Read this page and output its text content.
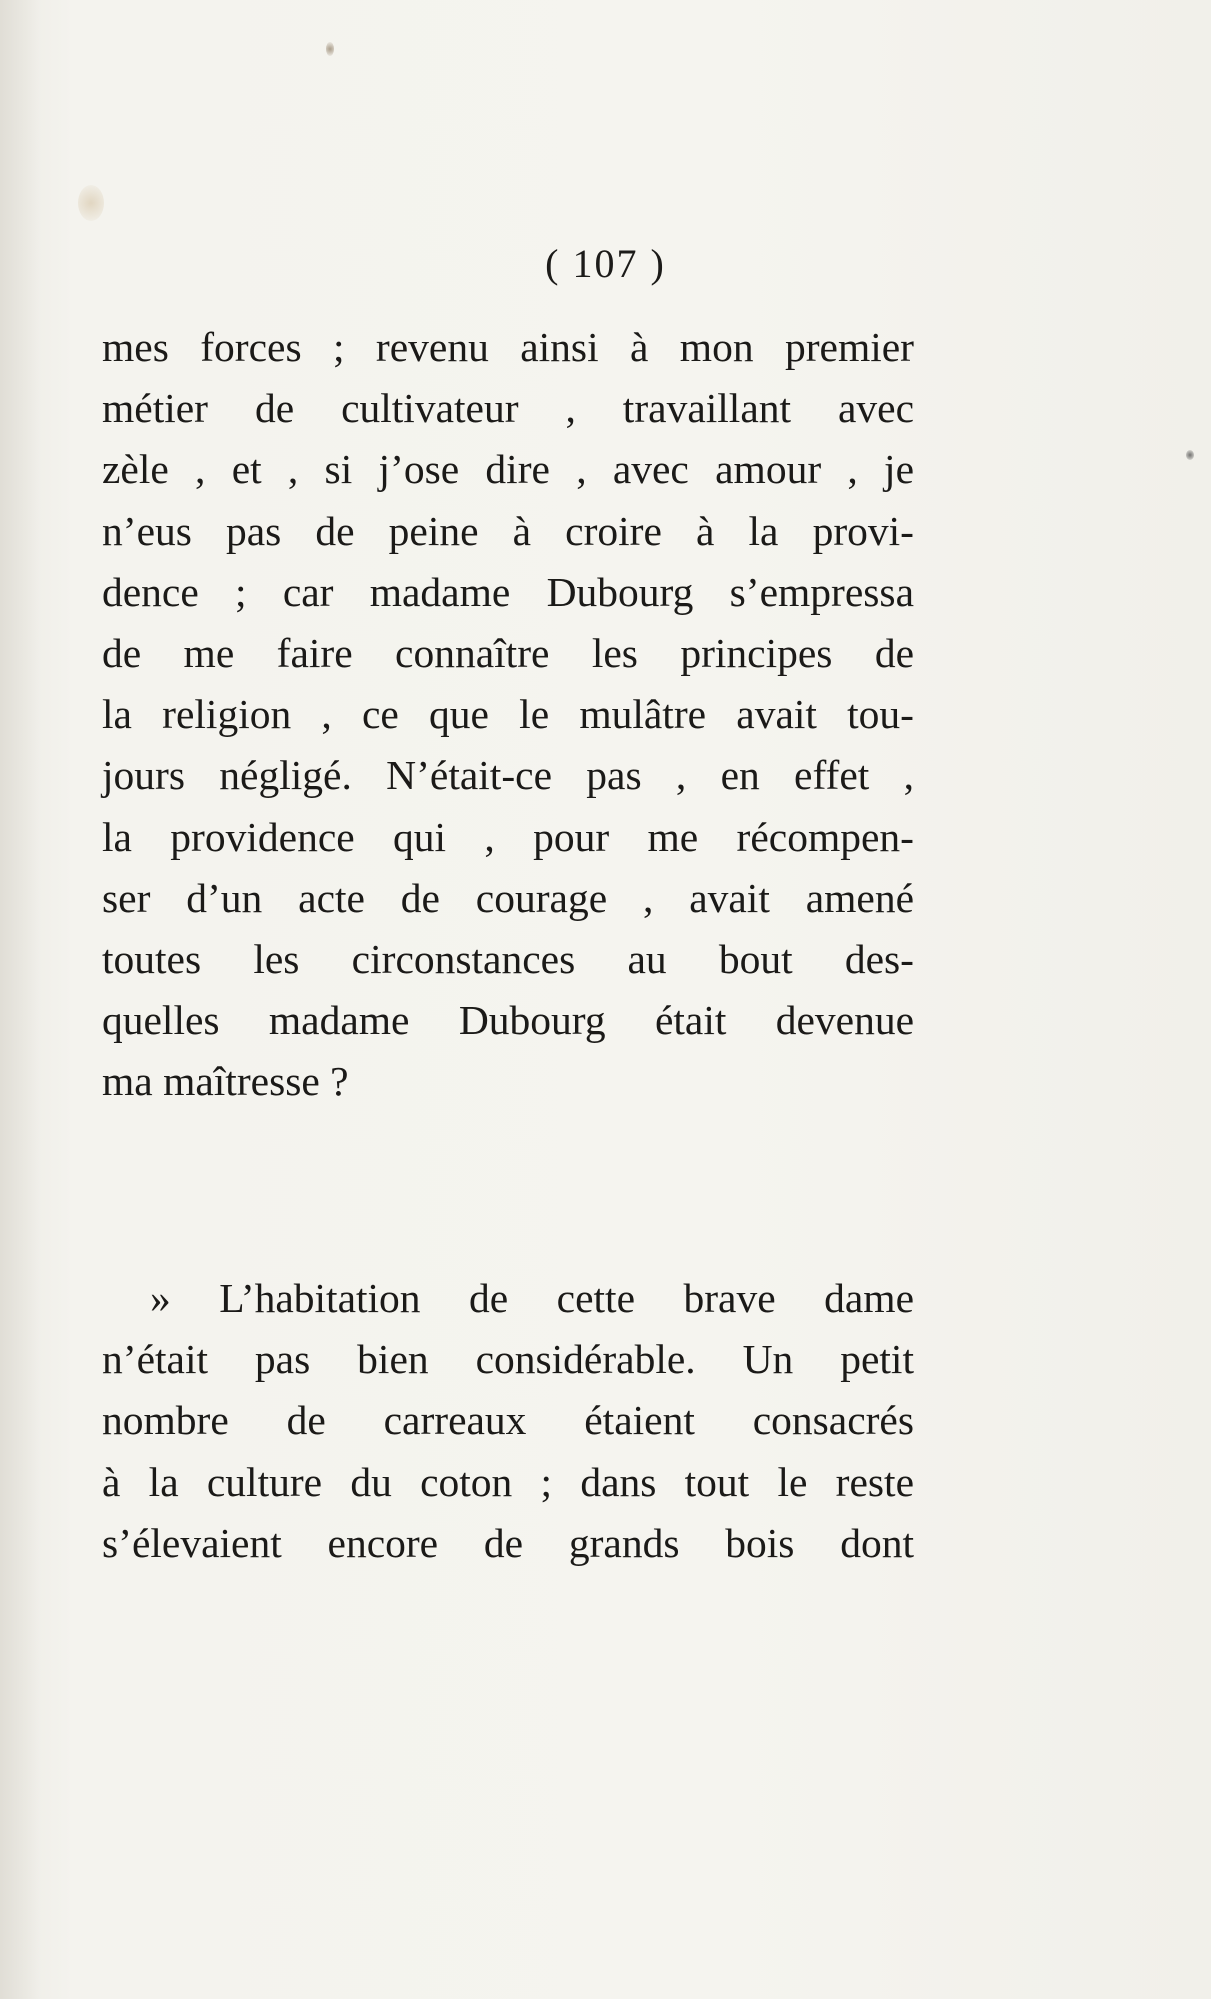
( 107 )
mes forces ; revenu ainsi à mon premier
métier de cultivateur , travaillant avec
zèle , et , si j’ose dire , avec amour , je
n’eus pas de peine à croire à la provi-
dence ; car madame Dubourg s’empressa
de me faire connaître les principes de
la religion , ce que le mulâtre avait tou-
jours négligé. N’était-ce pas , en effet ,
la providence qui , pour me récompen-
ser d’un acte de courage , avait amené
toutes les circonstances au bout des-
quelles madame Dubourg était devenue
ma maîtresse ?
» L’habitation de cette brave dame
n’était pas bien considérable. Un petit
nombre de carreaux étaient consacrés
à la culture du coton ; dans tout le reste
s’élevaient encore de grands bois dont
